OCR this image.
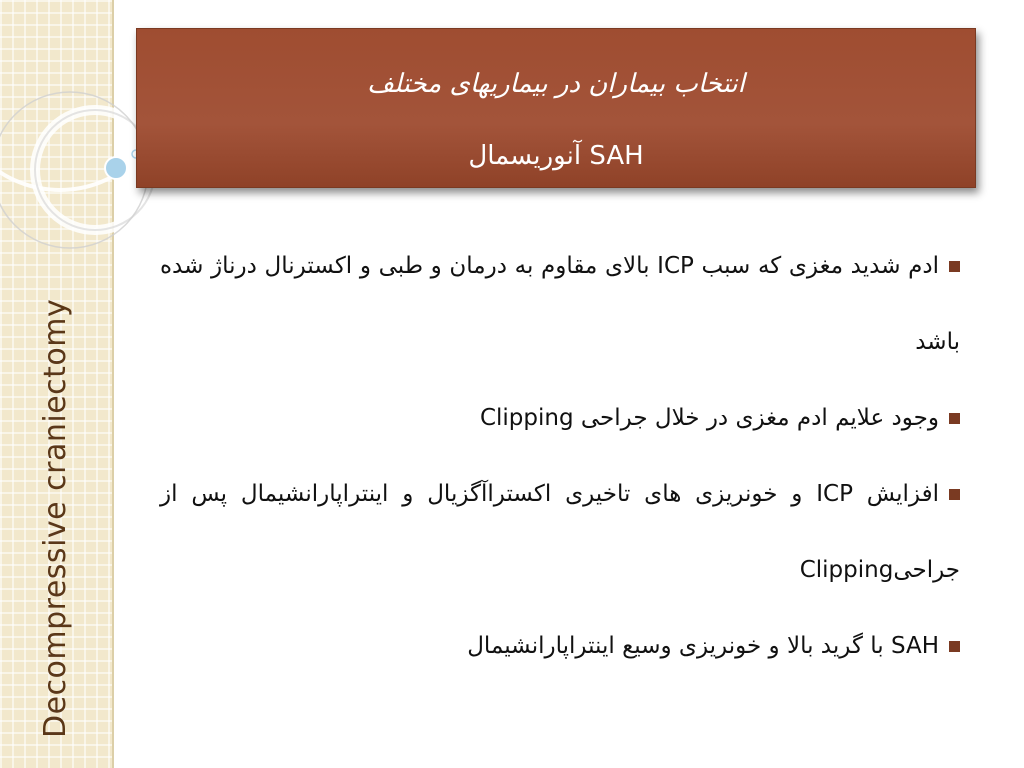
Decompressive craniectomy
انتخاب بیماران در بیماریهای مختلف
SAH آنوریسمال

ادم شدید مغزی که سبب ICP بالای مقاوم به درمان و طبی و اکسترنال درناژ شده باشد

وجود علایم ادم مغزی در خلال جراحی Clipping

افزایش ICP و خونریزی های تاخیری اکستراآگزیال و اینتراپارانشیمال پس از جراحیClipping

SAH با گرید بالا و خونریزی وسیع اینتراپارانشیمال
